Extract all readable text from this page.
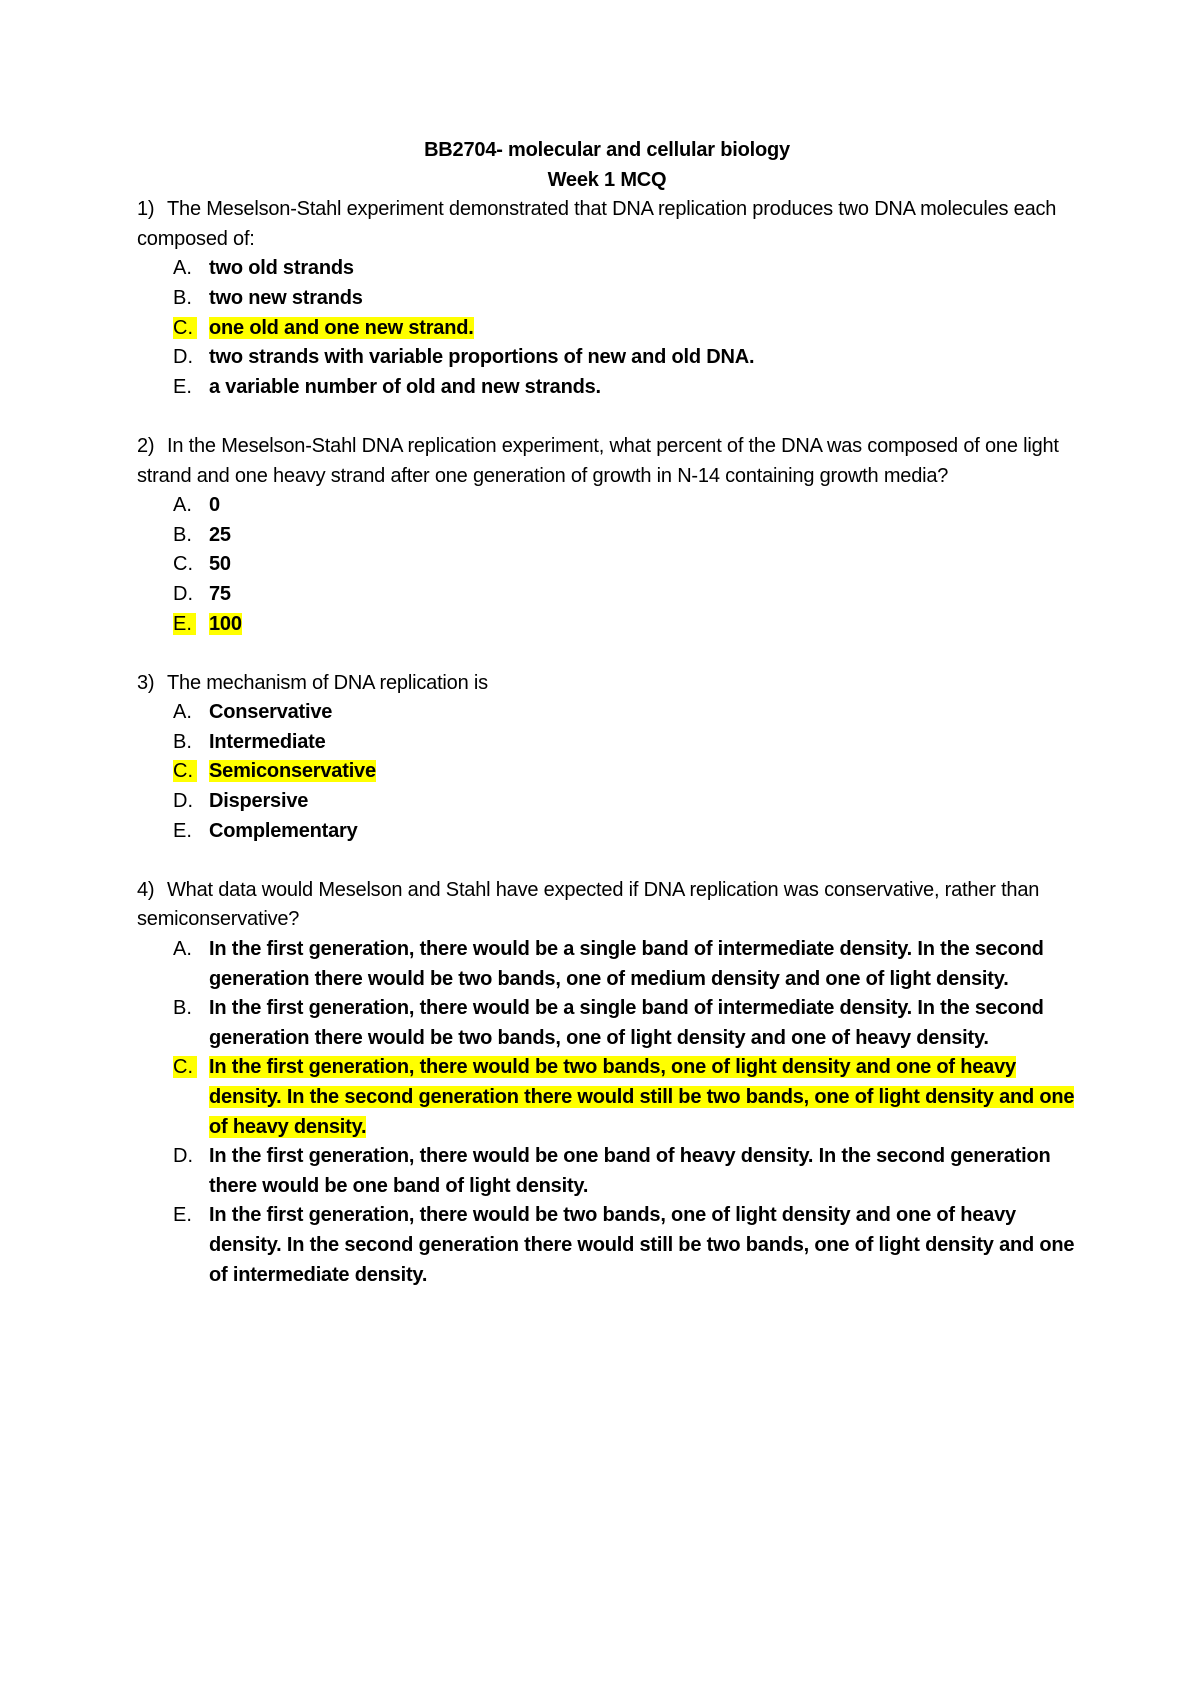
BB2704- molecular and cellular biology
Week 1 MCQ
1) The Meselson-Stahl experiment demonstrated that DNA replication produces two DNA molecules each composed of:
A. two old strands
B. two new strands
C. one old and one new strand.
D. two strands with variable proportions of new and old DNA.
E. a variable number of old and new strands.
2) In the Meselson-Stahl DNA replication experiment, what percent of the DNA was composed of one light strand and one heavy strand after one generation of growth in N-14 containing growth media?
A. 0
B. 25
C. 50
D. 75
E. 100
3) The mechanism of DNA replication is
A. Conservative
B. Intermediate
C. Semiconservative
D. Dispersive
E. Complementary
4) What data would Meselson and Stahl have expected if DNA replication was conservative, rather than semiconservative?
A. In the first generation, there would be a single band of intermediate density. In the second generation there would be two bands, one of medium density and one of light density.
B. In the first generation, there would be a single band of intermediate density. In the second generation there would be two bands, one of light density and one of heavy density.
C. In the first generation, there would be two bands, one of light density and one of heavy density. In the second generation there would still be two bands, one of light density and one of heavy density.
D. In the first generation, there would be one band of heavy density. In the second generation there would be one band of light density.
E. In the first generation, there would be two bands, one of light density and one of heavy density. In the second generation there would still be two bands, one of light density and one of intermediate density.
